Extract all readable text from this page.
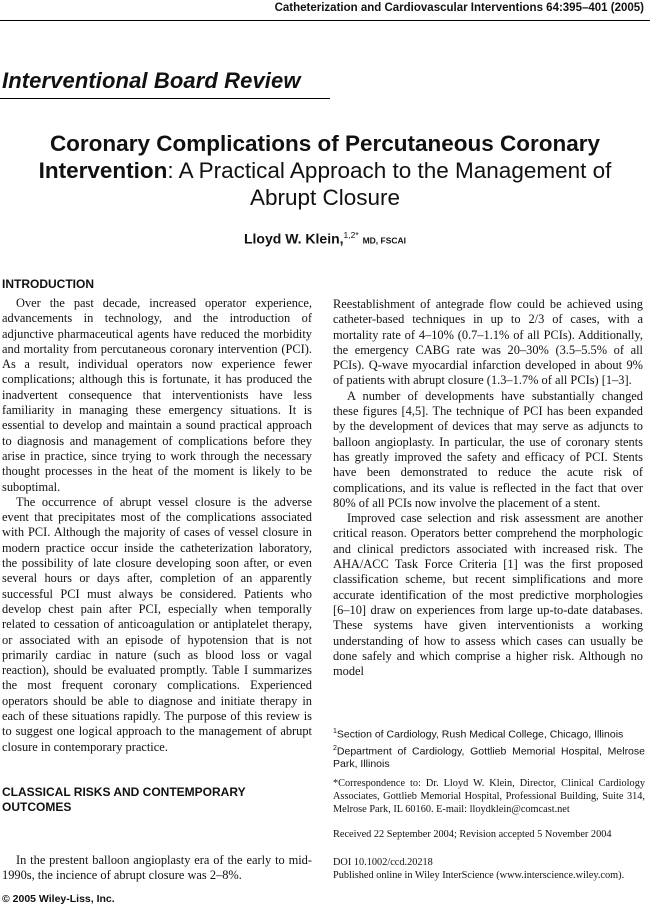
Catheterization and Cardiovascular Interventions 64:395–401 (2005)
Interventional Board Review
Coronary Complications of Percutaneous Coronary Intervention: A Practical Approach to the Management of Abrupt Closure
Lloyd W. Klein,$^{1,2*}$ MD, FSCAI
INTRODUCTION

Over the past decade, increased operator experience, advancements in technology, and the introduction of adjunctive pharmaceutical agents have reduced the morbidity and mortality from percutaneous coronary intervention (PCI). As a result, individual operators now experience fewer complications; although this is fortunate, it has produced the inadvertent consequence that interventionists have less familiarity in managing these emergency situations. It is essential to develop and maintain a sound practical approach to diagnosis and management of complications before they arise in practice, since trying to work through the necessary thought processes in the heat of the moment is likely to be suboptimal.

The occurrence of abrupt vessel closure is the adverse event that precipitates most of the complications associated with PCI. Although the majority of cases of vessel closure in modern practice occur inside the catheterization laboratory, the possibility of late closure developing soon after, or even several hours or days after, completion of an apparently successful PCI must always be considered. Patients who develop chest pain after PCI, especially when temporally related to cessation of anticoagulation or antiplatelet therapy, or associated with an episode of hypotension that is not primarily cardiac in nature (such as blood loss or vagal reaction), should be evaluated promptly. Table I summarizes the most frequent coronary complications. Experienced operators should be able to diagnose and initiate therapy in each of these situations rapidly. The purpose of this review is to suggest one logical approach to the management of abrupt closure in contemporary practice.

CLASSICAL RISKS AND CONTEMPORARY OUTCOMES

In the prestent balloon angioplasty era of the early to mid-1990s, the incience of abrupt closure was 2–8%.

Reestablishment of antegrade flow could be achieved using catheter-based techniques in up to 2/3 of cases, with a mortality rate of 4–10% (0.7–1.1% of all PCIs). Additionally, the emergency CABG rate was 20–30% (3.5–5.5% of all PCIs). Q-wave myocardial infarction developed in about 9% of patients with abrupt closure (1.3–1.7% of all PCIs) [1–3].

A number of developments have substantially changed these figures [4,5]. The technique of PCI has been expanded by the development of devices that may serve as adjuncts to balloon angioplasty. In particular, the use of coronary stents has greatly improved the safety and efficacy of PCI. Stents have been demonstrated to reduce the acute risk of complications, and its value is reflected in the fact that over 80% of all PCIs now involve the placement of a stent.

Improved case selection and risk assessment are another critical reason. Operators better comprehend the morphologic and clinical predictors associated with increased risk. The AHA/ACC Task Force Criteria [1] was the first proposed classification scheme, but recent simplifications and more accurate identification of the most predictive morphologies [6–10] draw on experiences from large up-to-date databases. These systems have given interventionists a working understanding of how to assess which cases can usually be done safely and which comprise a higher risk. Although no model

$^1$Section of Cardiology, Rush Medical College, Chicago, Illinois
$^2$Department of Cardiology, Gottlieb Memorial Hospital, Melrose Park, Illinois
*Correspondence to: Dr. Lloyd W. Klein, Director, Clinical Cardiology Associates, Gottlieb Memorial Hospital, Professional Building, Suite 314, Melrose Park, IL 60160. E-mail: lloydklein@comcast.net
Received 22 September 2004; Revision accepted 5 November 2004
DOI 10.1002/ccd.20218
Published online in Wiley InterScience (www.interscience.wiley.com).
© 2005 Wiley-Liss, Inc.
